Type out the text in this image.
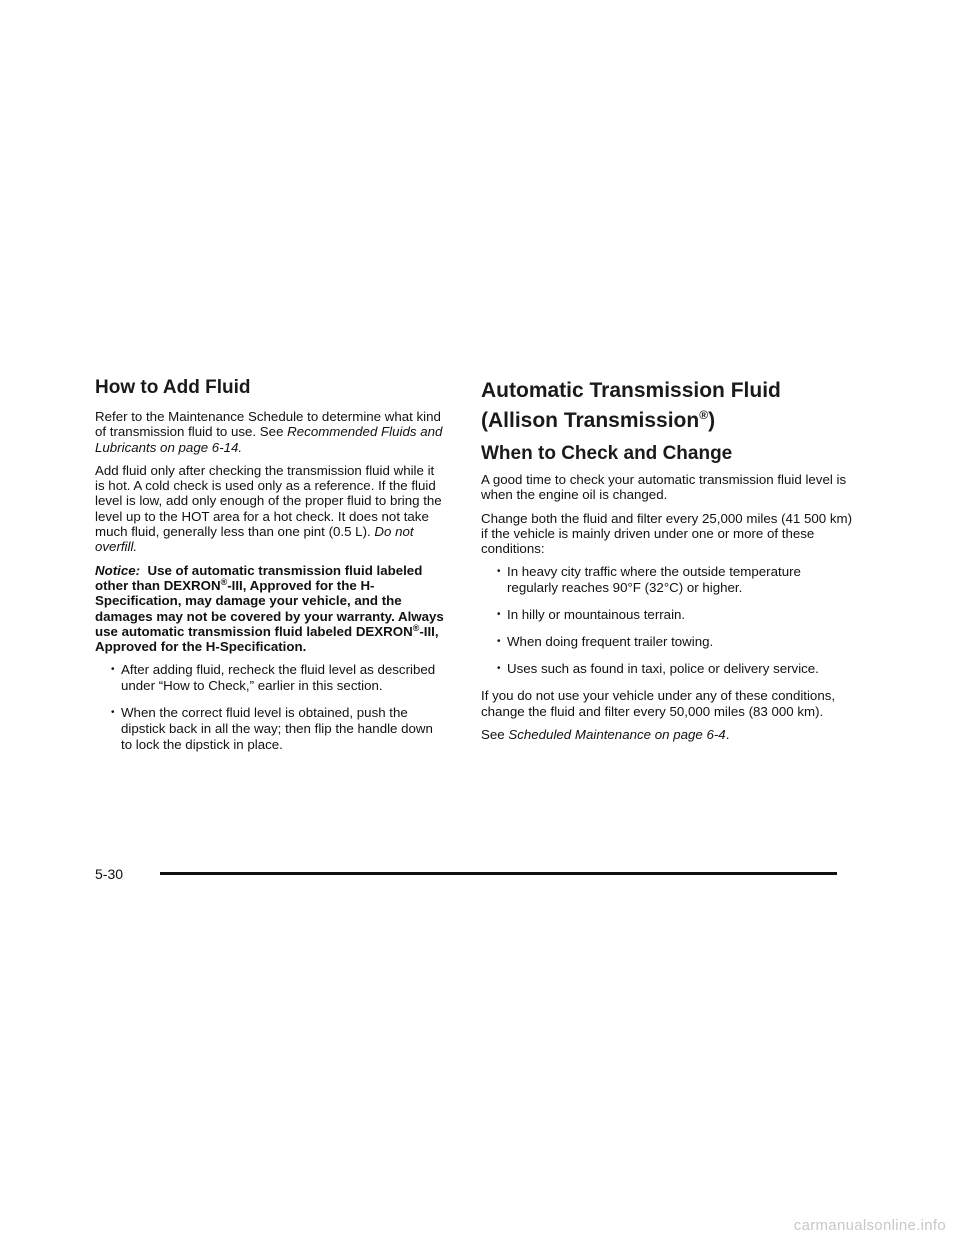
How to Add Fluid

Refer to the Maintenance Schedule to determine what kind of transmission fluid to use. See Recommended Fluids and Lubricants on page 6-14.

Add fluid only after checking the transmission fluid while it is hot. A cold check is used only as a reference. If the fluid level is low, add only enough of the proper fluid to bring the level up to the HOT area for a hot check. It does not take much fluid, generally less than one pint (0.5 L). Do not overfill.

Notice: Use of automatic transmission fluid labeled other than DEXRON®-III, Approved for the H-Specification, may damage your vehicle, and the damages may not be covered by your warranty. Always use automatic transmission fluid labeled DEXRON®-III, Approved for the H-Specification.

• After adding fluid, recheck the fluid level as described under “How to Check,” earlier in this section.
• When the correct fluid level is obtained, push the dipstick back in all the way; then flip the handle down to lock the dipstick in place.
Automatic Transmission Fluid
(Allison Transmission®)
When to Check and Change

A good time to check your automatic transmission fluid level is when the engine oil is changed.

Change both the fluid and filter every 25,000 miles (41 500 km) if the vehicle is mainly driven under one or more of these conditions:

• In heavy city traffic where the outside temperature regularly reaches 90°F (32°C) or higher.
• In hilly or mountainous terrain.
• When doing frequent trailer towing.
• Uses such as found in taxi, police or delivery service.

If you do not use your vehicle under any of these conditions, change the fluid and filter every 50,000 miles (83 000 km).

See Scheduled Maintenance on page 6-4.

5-30
carmanualsonline.info
